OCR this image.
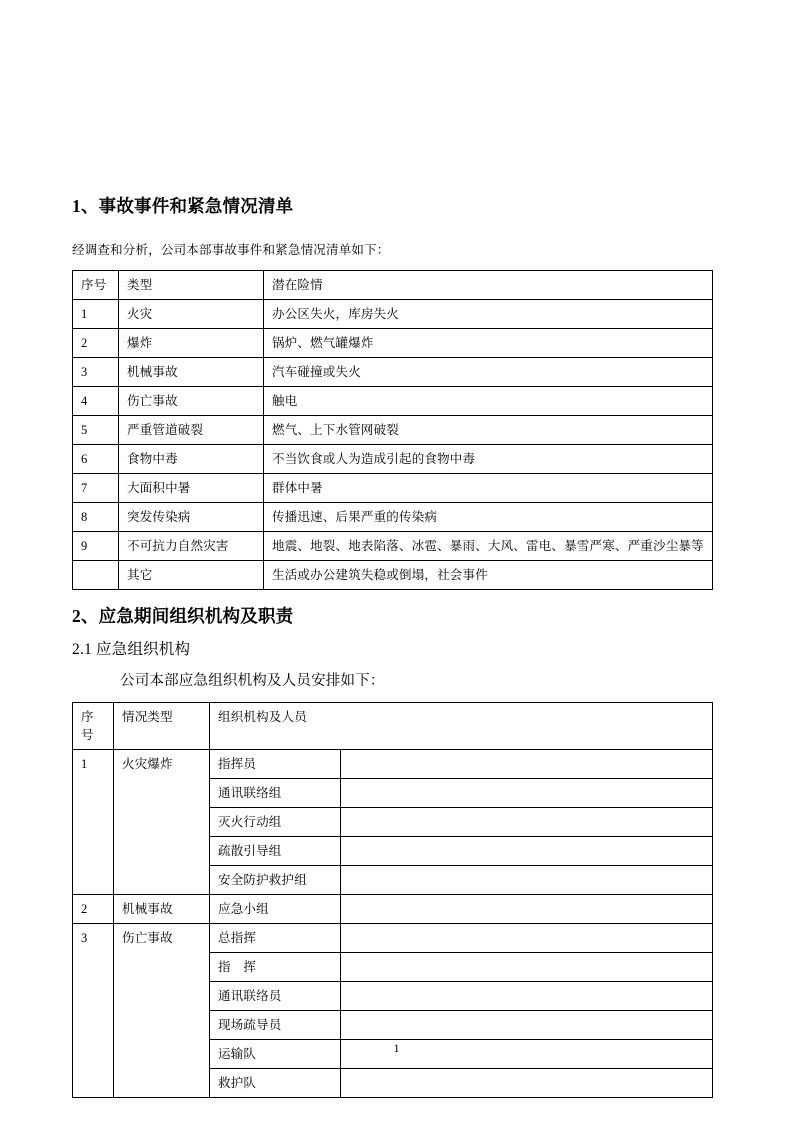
1、事故事件和紧急情况清单

经调查和分析，公司本部事故事件和紧急情况清单如下：

序号	类型	潜在险情
1	火灾	办公区失火，库房失火
2	爆炸	锅炉、燃气罐爆炸
3	机械事故	汽车碰撞或失火
4	伤亡事故	触电
5	严重管道破裂	燃气、上下水管网破裂
6	食物中毒	不当饮食或人为造成引起的食物中毒
7	大面积中暑	群体中暑
8	突发传染病	传播迅速、后果严重的传染病
9	不可抗力自然灾害	地震、地裂、地表陷落、冰雹、暴雨、大风、雷电、暴雪严寒、严重沙尘暴等
	其它	生活或办公建筑失稳或倒塌，社会事件
2、应急期间组织机构及职责
2.1 应急组织机构

公司本部应急组织机构及人员安排如下：

序号	情况类型	组织机构及人员	
1	火灾爆炸	指挥员	
		通讯联络组	
		灭火行动组	
		疏散引导组	
		安全防护救护组	
2	机械事故	应急小组	
3	伤亡事故	总指挥	
		指　挥	
		通讯联络员	
		现场疏导员	
		运输队	
		救护队	
1
